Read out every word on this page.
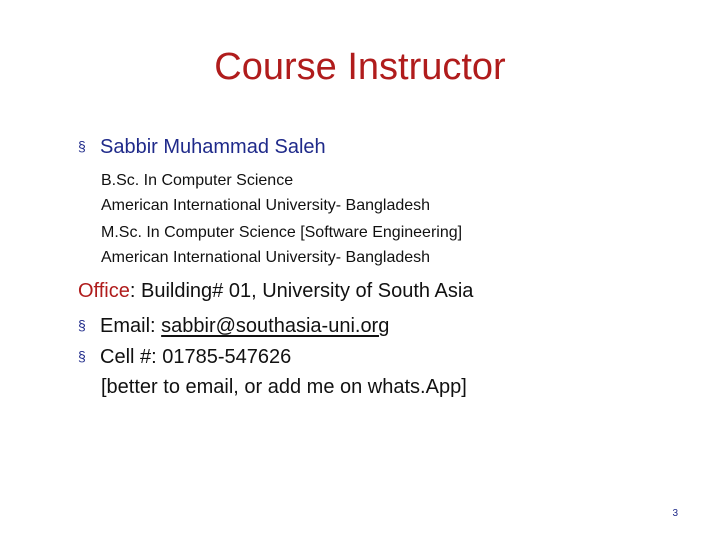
Course Instructor
§ Sabbir Muhammad Saleh
B.Sc. In Computer Science
American International University- Bangladesh
M.Sc. In Computer Science [Software Engineering]
American International University- Bangladesh
Office: Building# 01, University of South Asia
§ Email: sabbir@southasia-uni.org
§ Cell #: 01785-547626
[better to email, or add me on whats.App]
3
